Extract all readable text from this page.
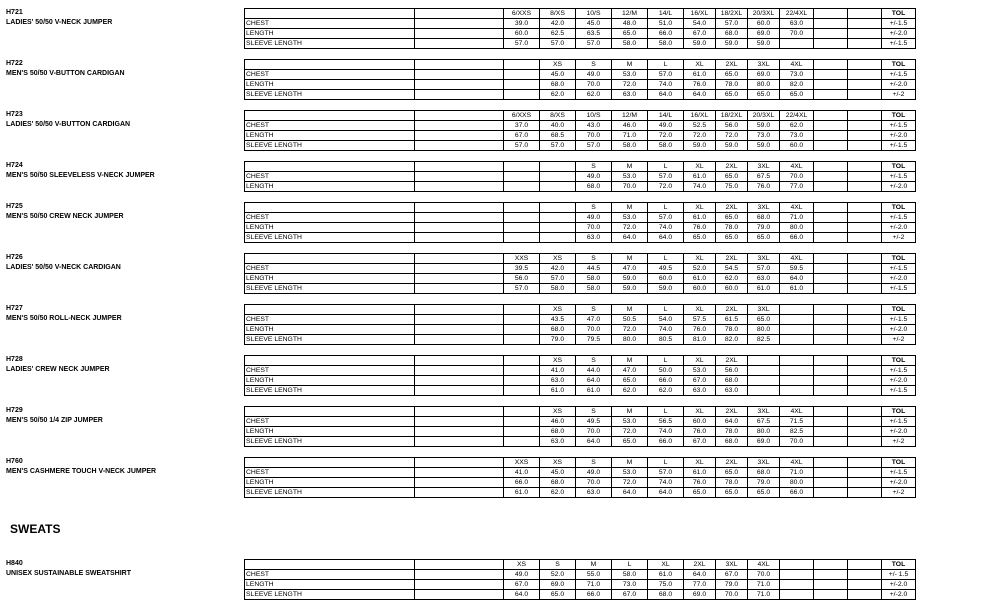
H721
LADIES' 50/50 V-NECK JUMPER
		6/XXS	8/XS	10/S	12/M	14/L	16/XL	18/2XL	20/3XL	22/4XL			TOL
CHEST		39.0	42.0	45.0	48.0	51.0	54.0	57.0	60.0	63.0			+/-1.5
LENGTH		60.0	62.5	63.5	65.0	66.0	67.0	68.0	69.0	70.0			+/-2.0
SLEEVE LENGTH		57.0	57.0	57.0	58.0	58.0	59.0	59.0	59.0				+/-1.5
H722
MEN'S 50/50 V-BUTTON CARDIGAN
			XS	S	M	L	XL	2XL	3XL	4XL			TOL
CHEST			45.0	49.0	53.0	57.0	61.0	65.0	69.0	73.0			+/-1.5
LENGTH			68.0	70.0	72.0	74.0	76.0	78.0	80.0	82.0			+/-2.0
SLEEVE LENGTH			62.0	62.0	63.0	64.0	64.0	65.0	65.0	65.0			+/-2
H723
LADIES' 50/50 V-BUTTON CARDIGAN
		6/XXS	8/XS	10/S	12/M	14/L	16/XL	18/2XL	20/3XL	22/4XL			TOL
CHEST		37.0	40.0	43.0	46.0	49.0	52.5	56.0	59.0	62.0			+/-1.5
LENGTH		67.0	68.5	70.0	71.0	72.0	72.0	72.0	73.0	73.0			+/-2.0
SLEEVE LENGTH		57.0	57.0	57.0	58.0	58.0	59.0	59.0	59.0	60.0			+/-1.5
H724
MEN'S 50/50 SLEEVELESS V-NECK JUMPER
				S	M	L	XL	2XL	3XL	4XL			TOL
CHEST				49.0	53.0	57.0	61.0	65.0	67.5	70.0			+/-1.5
LENGTH				68.0	70.0	72.0	74.0	75.0	76.0	77.0			+/-2.0
H725
MEN'S 50/50 CREW NECK JUMPER
				S	M	L	XL	2XL	3XL	4XL			TOL
CHEST				49.0	53.0	57.0	61.0	65.0	68.0	71.0			+/-1.5
LENGTH				70.0	72.0	74.0	76.0	78.0	79.0	80.0			+/-2.0
SLEEVE LENGTH				63.0	64.0	64.0	65.0	65.0	65.0	66.0			+/-2
H726
LADIES' 50/50 V-NECK CARDIGAN
		XXS	XS	S	M	L	XL	2XL	3XL	4XL			TOL
CHEST		39.5	42.0	44.5	47.0	49.5	52.0	54.5	57.0	59.5			+/-1.5
LENGTH		56.0	57.0	58.0	59.0	60.0	61.0	62.0	63.0	64.0			+/-2.0
SLEEVE LENGTH		57.0	58.0	58.0	59.0	59.0	60.0	60.0	61.0	61.0			+/-1.5
H727
MEN'S 50/50 ROLL-NECK JUMPER
			XS	S	M	L	XL	2XL	3XL				TOL
CHEST			43.5	47.0	50.5	54.0	57.5	61.5	65.0				+/-1.5
LENGTH			68.0	70.0	72.0	74.0	76.0	78.0	80.0				+/-2.0
SLEEVE LENGTH			79.0	79.5	80.0	80.5	81.0	82.0	82.5				+/-2
H728
LADIES' CREW NECK JUMPER
			XS	S	M	L	XL	2XL					TOL
CHEST			41.0	44.0	47.0	50.0	53.0	56.0					+/-1.5
LENGTH			63.0	64.0	65.0	66.0	67.0	68.0					+/-2.0
SLEEVE LENGTH			61.0	61.0	62.0	62.0	63.0	63.0					+/-1.5
H729
MEN'S 50/50 1/4 ZIP JUMPER
			XS	S	M	L	XL	2XL	3XL	4XL			TOL
CHEST			46.0	49.5	53.0	56.5	60.0	64.0	67.5	71.5			+/-1.5
LENGTH			68.0	70.0	72.0	74.0	76.0	78.0	80.0	82.5			+/-2.0
SLEEVE LENGTH			63.0	64.0	65.0	66.0	67.0	68.0	69.0	70.0			+/-2
H760
MEN'S CASHMERE TOUCH V-NECK JUMPER
		XXS	XS	S	M	L	XL	2XL	3XL	4XL			TOL
CHEST		41.0	45.0	49.0	53.0	57.0	61.0	65.0	68.0	71.0			+/-1.5
LENGTH		66.0	68.0	70.0	72.0	74.0	76.0	78.0	79.0	80.0			+/-2.0
SLEEVE LENGTH		61.0	62.0	63.0	64.0	64.0	65.0	65.0	65.0	66.0			+/-2
H840
UNISEX SUSTAINABLE SWEATSHIRT
		XS	S	M	L	XL	2XL	3XL	4XL				TOL
CHEST		49.0	52.0	55.0	58.0	61.0	64.0	67.0	70.0				+/- 1.5
LENGTH		67.0	69.0	71.0	73.0	75.0	77.0	79.0	71.0				+/-2.0
SLEEVE LENGTH		64.0	65.0	66.0	67.0	68.0	69.0	70.0	71.0				+/-2.0
SWEATS
